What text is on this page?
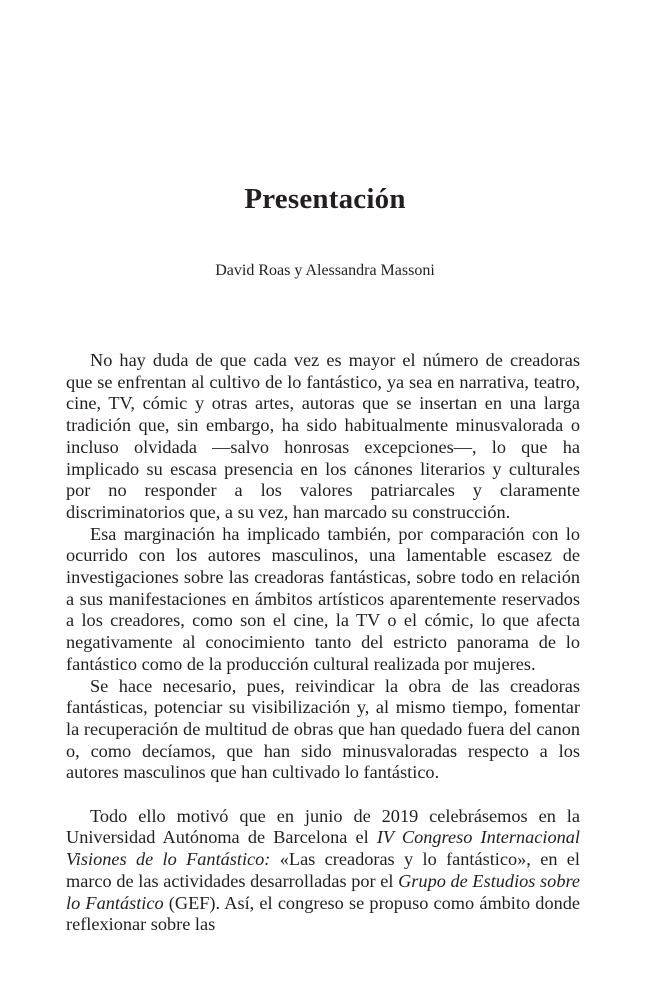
Presentación

David Roas y Alessandra Massoni

No hay duda de que cada vez es mayor el número de creadoras que se enfrentan al cultivo de lo fantástico, ya sea en narrativa, teatro, cine, TV, cómic y otras artes, autoras que se insertan en una larga tradición que, sin embargo, ha sido habitualmente minusvalorada o incluso olvidada —salvo honrosas excepciones—, lo que ha implicado su escasa presencia en los cánones literarios y culturales por no responder a los valores patriarcales y claramente discriminatorios que, a su vez, han marcado su construcción.

Esa marginación ha implicado también, por comparación con lo ocurrido con los autores masculinos, una lamentable escasez de investigaciones sobre las creadoras fantásticas, sobre todo en relación a sus manifestaciones en ámbitos artísticos aparentemente reservados a los creadores, como son el cine, la TV o el cómic, lo que afecta negativamente al conocimiento tanto del estricto panorama de lo fantástico como de la producción cultural realizada por mujeres.

Se hace necesario, pues, reivindicar la obra de las creadoras fantásticas, potenciar su visibilización y, al mismo tiempo, fomentar la recuperación de multitud de obras que han quedado fuera del canon o, como decíamos, que han sido minusvaloradas respecto a los autores masculinos que han cultivado lo fantástico.

Todo ello motivó que en junio de 2019 celebrásemos en la Universidad Autónoma de Barcelona el IV Congreso Internacional Visiones de lo Fantástico: «Las creadoras y lo fantástico», en el marco de las actividades desarrolladas por el Grupo de Estudios sobre lo Fantástico (GEF). Así, el congreso se propuso como ámbito donde reflexionar sobre las
